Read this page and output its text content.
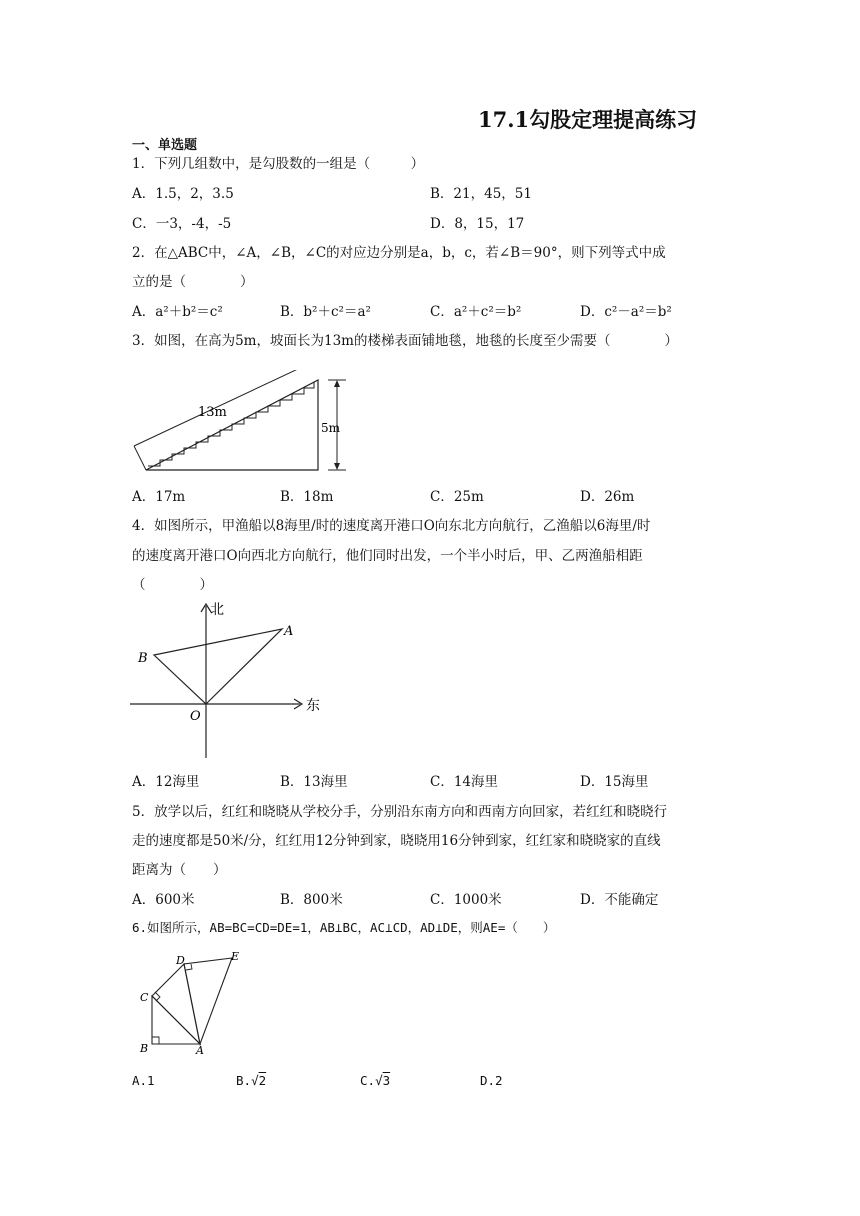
17.1勾股定理提高练习
一、单选题
1．下列几组数中，是勾股数的一组是（　　　）
A．1.5，2，3.5	B．21，45，51
C．一3，-4，-5	D．8，15，17
2．在△ABC中，∠A，∠B，∠C的对应边分别是a，b，c，若∠B＝90°，则下列等式中成
立的是（　　　　）
A．a²＋b²＝c²	B．b²＋c²＝a²	C．a²＋c²＝b²	D．c²－a²＝b²
3．如图，在高为5m，坡面长为13m的楼梯表面铺地毯，地毯的长度至少需要（　　　　）
13m
5m
A．17m	B．18m	C．25m	D．26m
4．如图所示，甲渔船以8海里/时的速度离开港口O向东北方向航行，乙渔船以6海里/时
的速度离开港口O向西北方向航行，他们同时出发，一个半小时后，甲、乙两渔船相距
（　　　　）
北
东
A
B
O
A．12海里	B．13海里	C．14海里	D．15海里
5．放学以后，红红和晓晓从学校分手，分别沿东南方向和西南方向回家，若红红和晓晓行
走的速度都是50米/分，红红用12分钟到家，晓晓用16分钟到家，红红家和晓晓家的直线
距离为（　　）
A．600米	B．800米	C．1000米	D．不能确定
6.如图所示，AB=BC=CD=DE=1，AB⊥BC，AC⊥CD，AD⊥DE，则AE=（　　）
B	A
C
D	E
A.1	B.√2	C.√3	D.2
